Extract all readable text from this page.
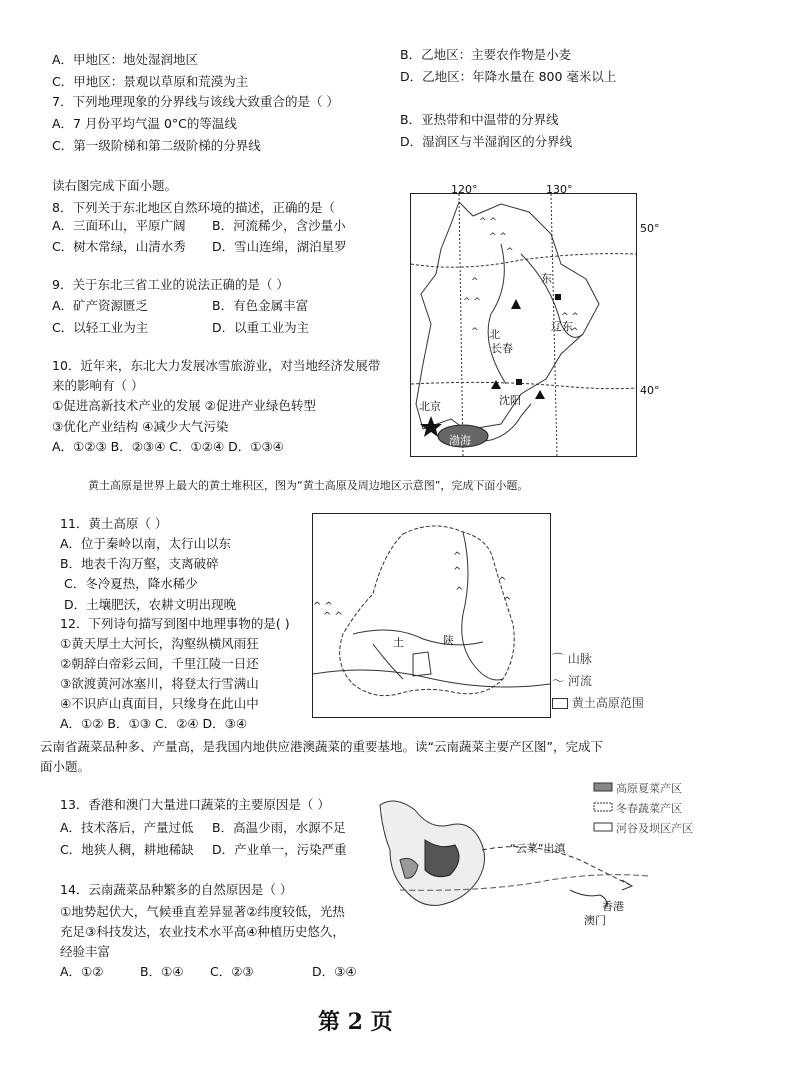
A．甲地区：地处湿润地区	B．乙地区：主要农作物是小麦
C．甲地区：景观以草原和荒漠为主	D．乙地区：年降水量在 800 毫米以上
7．下列地理现象的分界线与该线大致重合的是（ ）
A．7 月份平均气温 0°C的等温线	B．亚热带和中温带的分界线
C．第一级阶梯和第二级阶梯的分界线	D．湿润区与半湿润区的分界线
读右图完成下面小题。
8．下列关于东北地区自然环境的描述，正确的是（
A．三面环山，平原广阔 B．河流稀少，含沙量小
C．树木常绿，山清水秀 D．雪山连绵，湖泊星罗
9．关于东北三省工业的说法正确的是（ ）
A．矿产资源匮乏	B．有色金属丰富
C．以轻工业为主	D．以重工业为主
10．近年来，东北大力发展冰雪旅游业，对当地经济发展带
来的影响有（ ）
①促进高新技术产业的发展 ②促进产业绿色转型
③优化产业结构 ④减少大气污染
A．①②③ B．②③④ C．①②④ D．①③④
^ ^
^ ^
^
^
^ ^
^
^ ^
^
120°	130°
50°
40°
东
北
长春
辽东
沈阳
北京
渤海
黄土高原是世界上最大的黄土堆积区，图为“黄土高原及周边地区示意图”，完成下面小题。
11．黄土高原（ ）
A．位于秦岭以南，太行山以东
B．地表千沟万壑，支离破碎
C．冬冷夏热，降水稀少
D．土壤肥沃，农耕文明出现晚
12．下列诗句描写到图中地理事物的是( )
①黄天厚土大河长，沟壑纵横风雨狂
②朝辞白帝彩云间，千里江陵一日还
③欲渡黄河冰塞川，将登太行雪满山
④不识庐山真面目，只缘身在此山中
A．①② B．①③ C．②④ D．③④
^
^
^
^
^
^ ^
^ ^
土	陕
⌒ 山脉
〜 河流
黄土高原范围
云南省蔬菜品种多、产量高，是我国内地供应港澳蔬菜的重要基地。读“云南蔬菜主要产区图”，完成下
面小题。
13．香港和澳门大量进口蔬菜的主要原因是（ ）
A．技术落后，产量过低 B．高温少雨，水源不足
C．地狭人稠，耕地稀缺 D．产业单一，污染严重
14．云南蔬菜品种繁多的自然原因是（ ）
①地势起伏大，气候垂直差异显著②纬度较低，光热
充足③科技发达，农业技术水平高④种植历史悠久，
经验丰富
A．①②	B．①④ C．②③	D．③④
高原夏菜产区
冬春蔬菜产区
河谷及坝区产区
“云菜”出滇
香港
澳门
第 2 页
